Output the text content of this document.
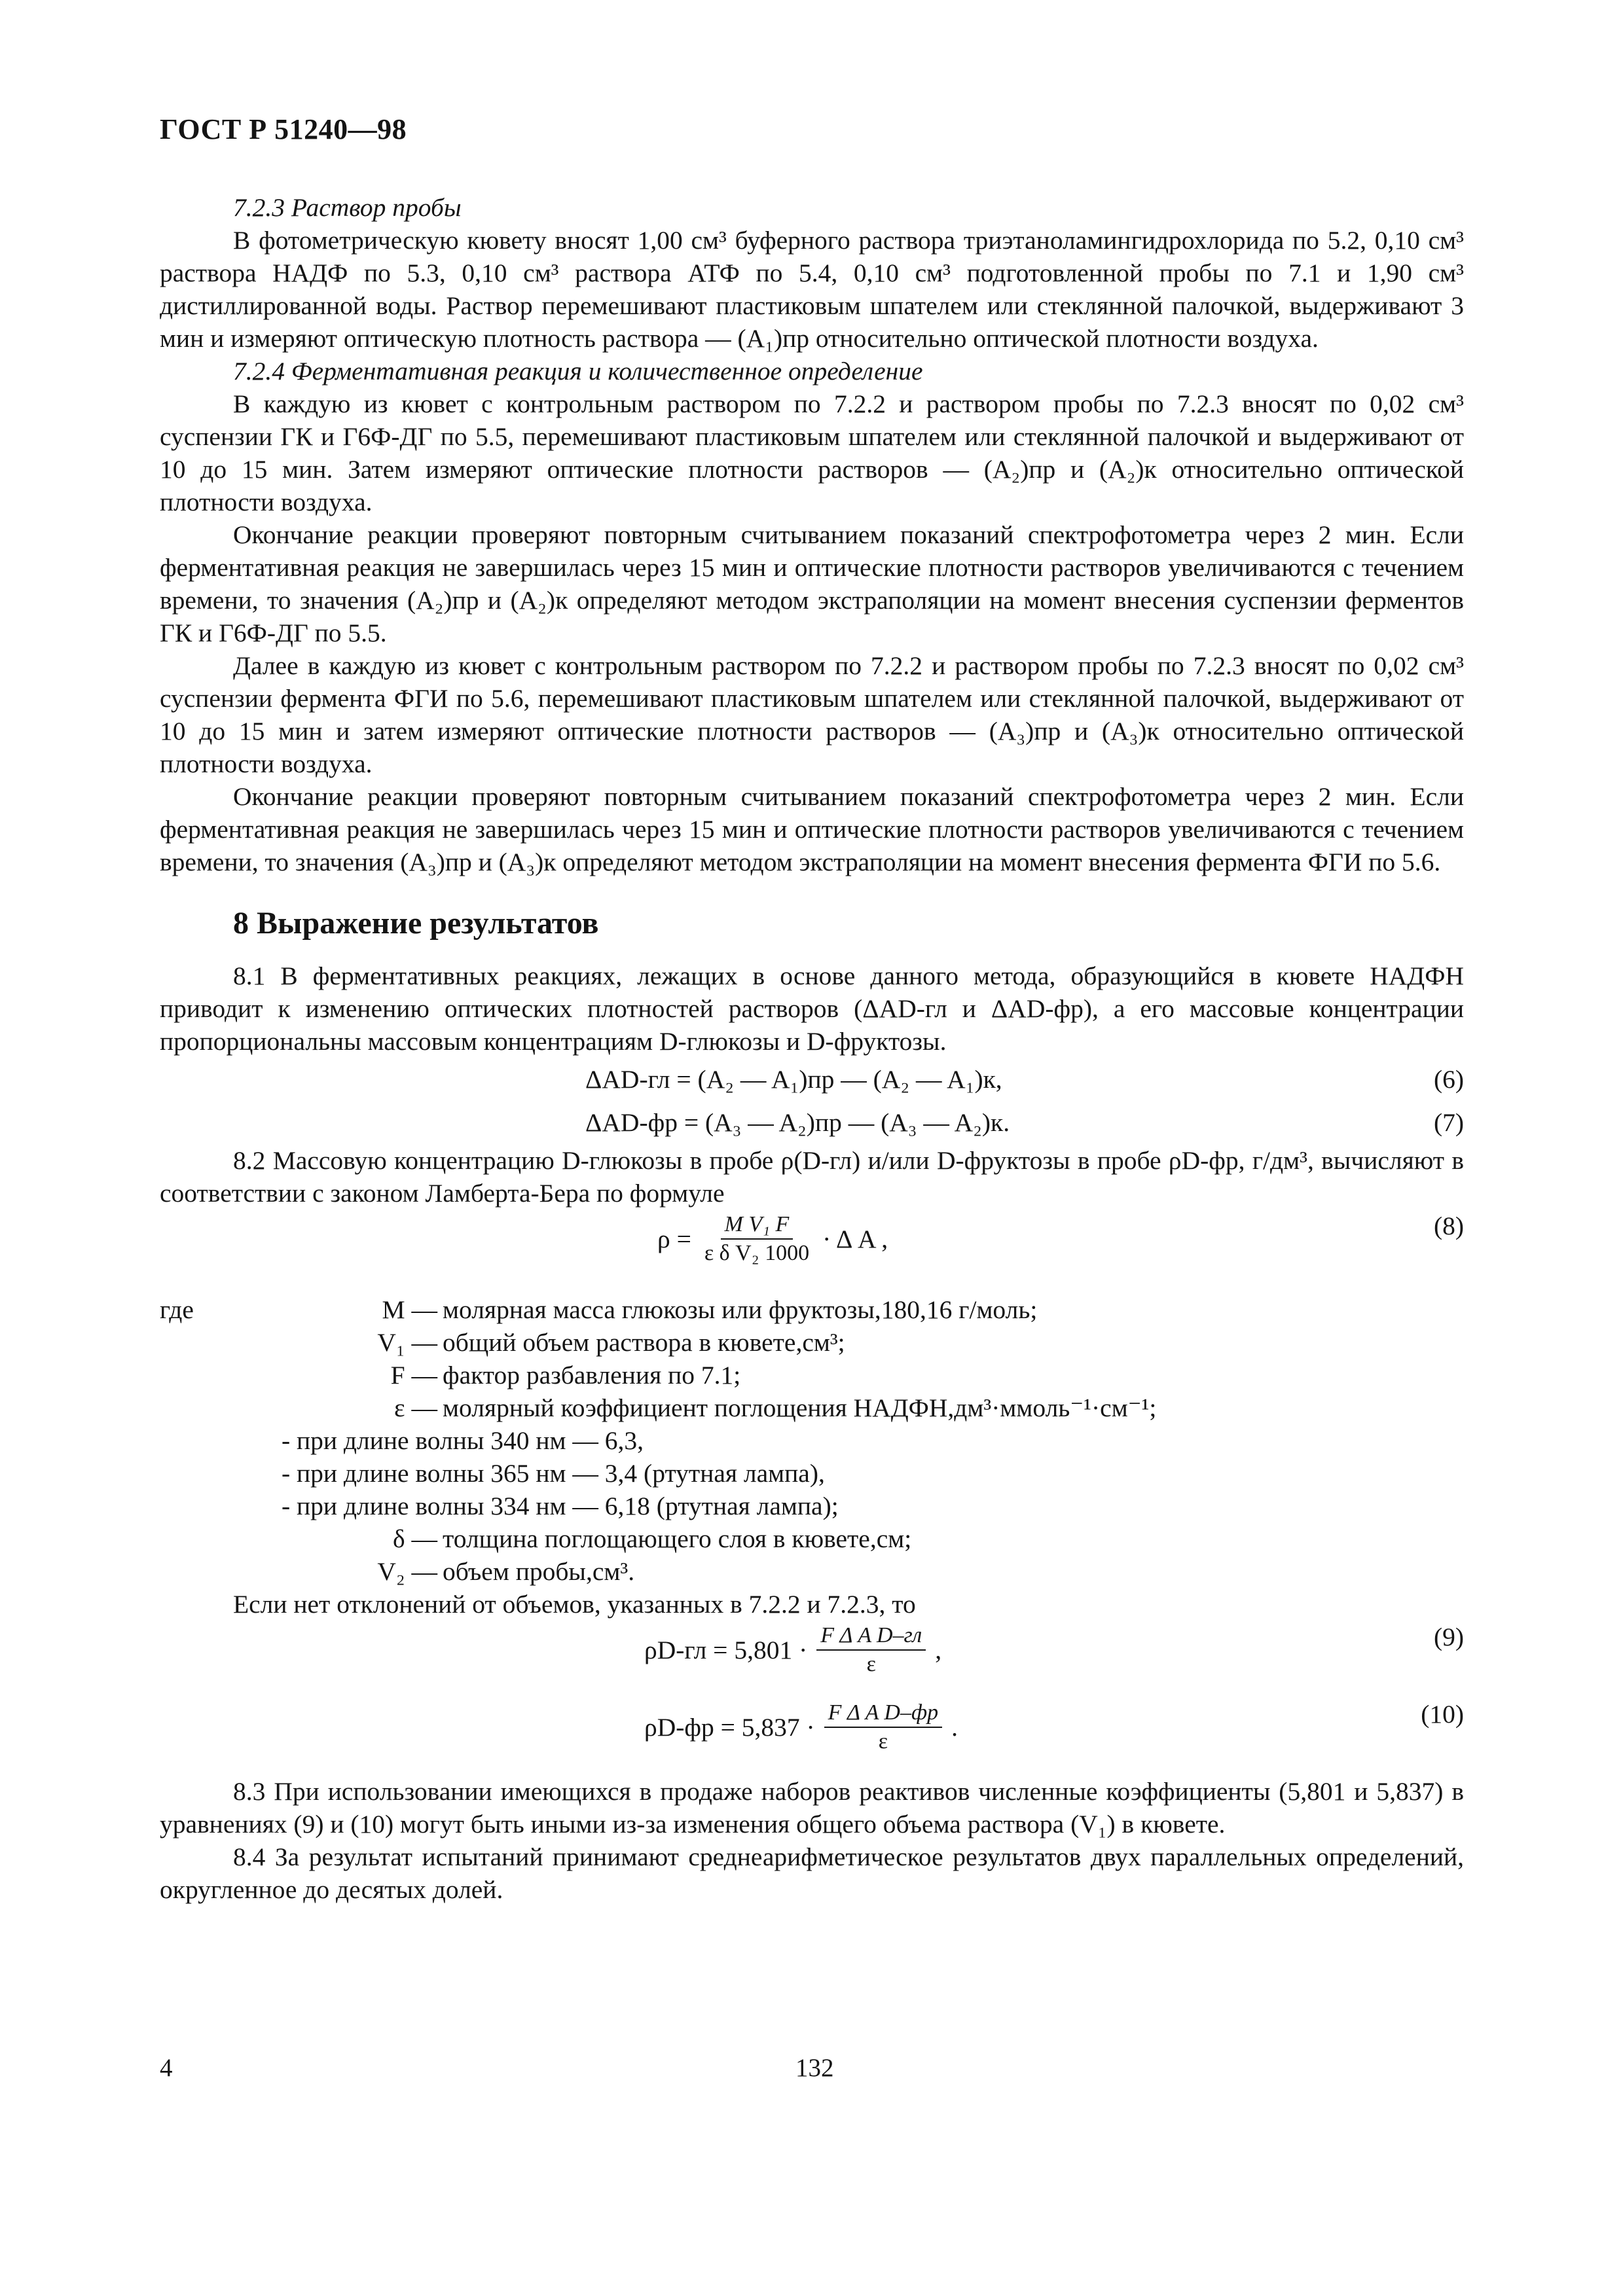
ГОСТ Р 51240—98

7.2.3 Раствор пробы

В фотометрическую кювету вносят 1,00 см³ буферного раствора триэтаноламингидрохлорида по 5.2, 0,10 см³ раствора НАДФ по 5.3, 0,10 см³ раствора АТФ по 5.4, 0,10 см³ подготовленной пробы по 7.1 и 1,90 см³ дистиллированной воды. Раствор перемешивают пластиковым шпателем или стеклянной палочкой, выдерживают 3 мин и измеряют оптическую плотность раствора — (A₁)пр относительно оптической плотности воздуха.

7.2.4 Ферментативная реакция и количественное определение

В каждую из кювет с контрольным раствором по 7.2.2 и раствором пробы по 7.2.3 вносят по 0,02 см³ суспензии ГК и Г6Ф-ДГ по 5.5, перемешивают пластиковым шпателем или стеклянной палочкой и выдерживают от 10 до 15 мин. Затем измеряют оптические плотности растворов — (A₂)пр и (A₂)к относительно оптической плотности воздуха.

Окончание реакции проверяют повторным считыванием показаний спектрофотометра через 2 мин. Если ферментативная реакция не завершилась через 15 мин и оптические плотности растворов увеличиваются с течением времени, то значения (A₂)пр и (A₂)к определяют методом экстраполяции на момент внесения суспензии ферментов ГК и Г6Ф-ДГ по 5.5.

Далее в каждую из кювет с контрольным раствором по 7.2.2 и раствором пробы по 7.2.3 вносят по 0,02 см³ суспензии фермента ФГИ по 5.6, перемешивают пластиковым шпателем или стеклянной палочкой, выдерживают от 10 до 15 мин и затем измеряют оптические плотности растворов — (A₃)пр и (A₃)к относительно оптической плотности воздуха.

Окончание реакции проверяют повторным считыванием показаний спектрофотометра через 2 мин. Если ферментативная реакция не завершилась через 15 мин и оптические плотности растворов увеличиваются с течением времени, то значения (A₃)пр и (A₃)к определяют методом экстраполяции на момент внесения фермента ФГИ по 5.6.

8 Выражение результатов

8.1 В ферментативных реакциях, лежащих в основе данного метода, образующийся в кювете НАДФН приводит к изменению оптических плотностей растворов (ΔAD-гл и ΔAD-фр), а его массовые концентрации пропорциональны массовым концентрациям D-глюкозы и D-фруктозы.

ΔAD-гл = (A₂ — A₁)пр — (A₂ — A₁)к,	(6)
ΔAD-фр = (A₃ — A₂)пр — (A₃ — A₂)к.	(7)

8.2 Массовую концентрацию D-глюкозы в пробе ρ(D-гл) и/или D-фруктозы в пробе ρD-фр, г/дм³, вычисляют в соответствии с законом Ламберта-Бера по формуле

$\rho = \frac{\text{M V₁ F}}{\text{ε δ V₂ 1000}} \cdot \Delta$ A ,	(8)
где	M — молярная масса глюкозы или фруктозы,180,16 г/моль;
V₁ — общий объем раствора в кювете,см³;
F — фактор разбавления по 7.1;
ε — молярный коэффициент поглощения НАДФН,дм³·ммоль⁻¹·см⁻¹;
- при длине волны 340 нм — 6,3,
- при длине волны 365 нм — 3,4 (ртутная лампа),
- при длине волны 334 нм — 6,18 (ртутная лампа);
δ — толщина поглощающего слоя в кювете,см;
V₂ — объем пробы,см³.

Если нет отклонений от объемов, указанных в 7.2.2 и 7.2.3, то

$\rho D-гл = 5,801 \cdot \frac{\text{F Δ A D–гл}}{\varepsilon}$ ,	(9)
$\rho D-фр = 5,837 \cdot \frac{\text{F Δ A D–фр}}{\varepsilon}$ .	(10)

8.3 При использовании имеющихся в продаже наборов реактивов численные коэффициенты (5,801 и 5,837) в уравнениях (9) и (10) могут быть иными из-за изменения общего объема раствора (V₁) в кювете.

8.4 За результат испытаний принимают среднеарифметическое результатов двух параллельных определений, округленное до десятых долей.

4	132
